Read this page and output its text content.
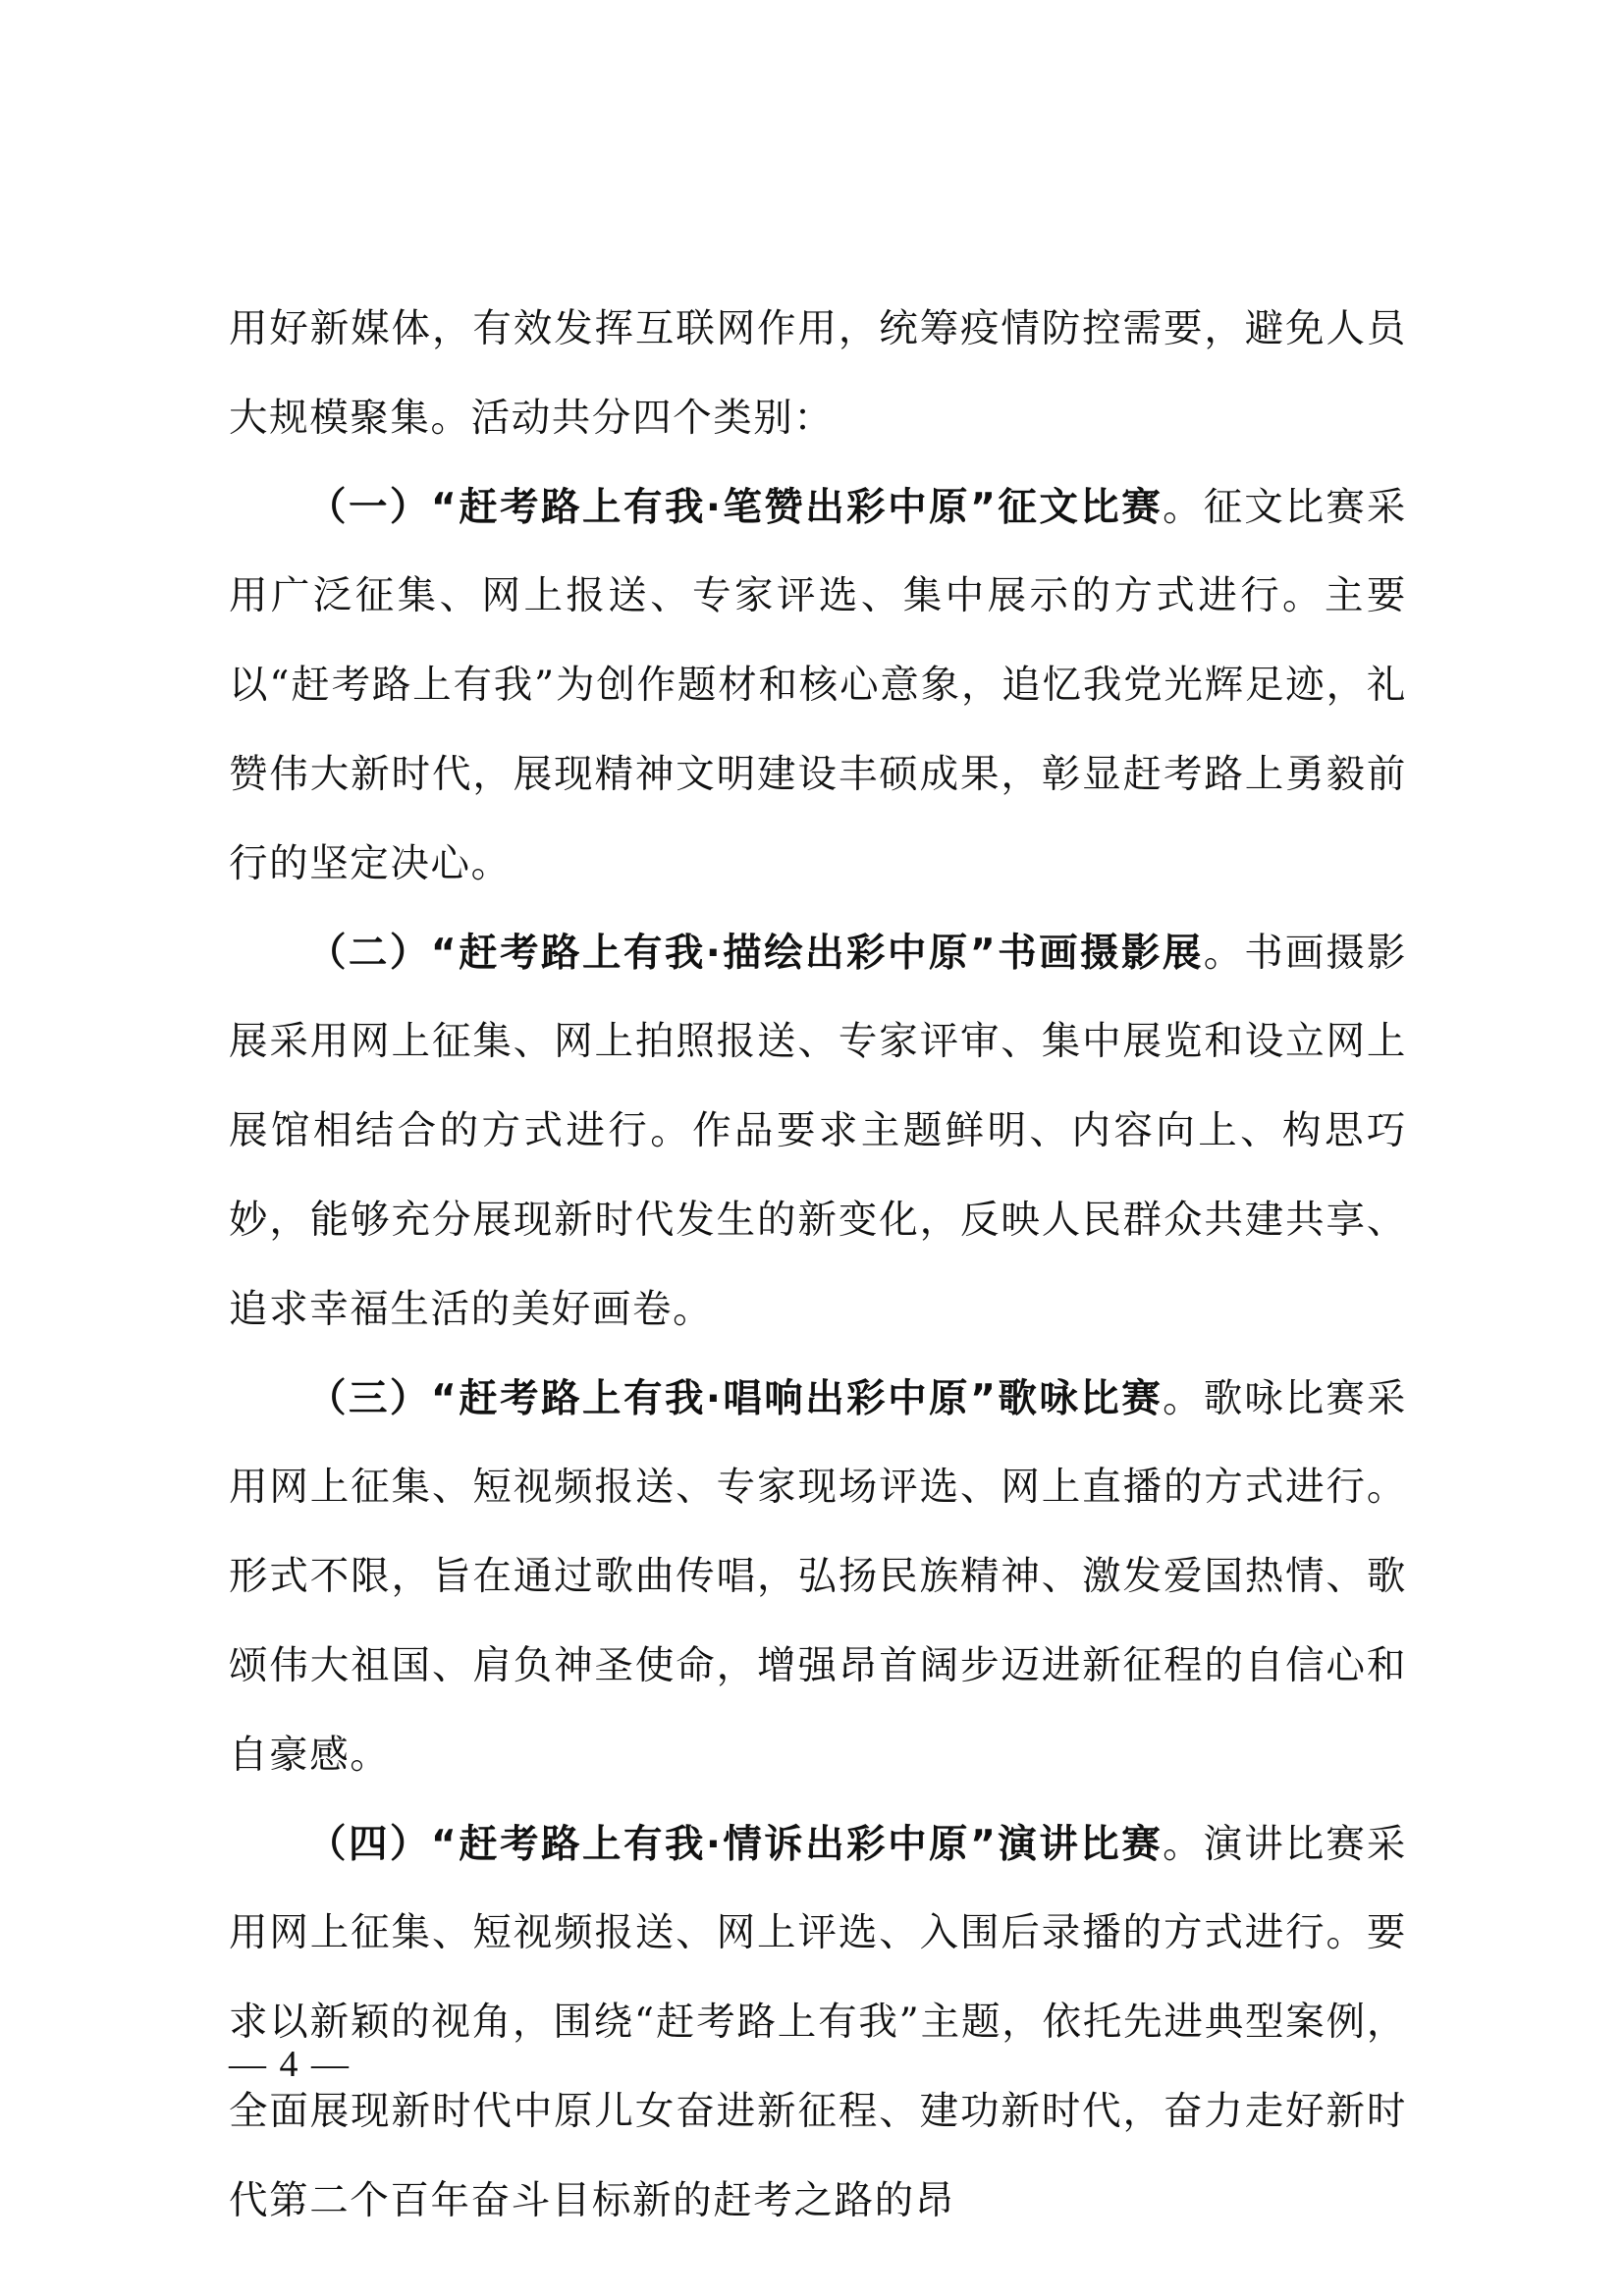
用好新媒体，有效发挥互联网作用，统筹疫情防控需要，避免人员大规模聚集。活动共分四个类别：

（一）“赶考路上有我·笔赞出彩中原”征文比赛。征文比赛采用广泛征集、网上报送、专家评选、集中展示的方式进行。主要以“赶考路上有我”为创作题材和核心意象，追忆我党光辉足迹，礼赞伟大新时代，展现精神文明建设丰硕成果，彰显赶考路上勇毅前行的坚定决心。

（二）“赶考路上有我·描绘出彩中原”书画摄影展。书画摄影展采用网上征集、网上拍照报送、专家评审、集中展览和设立网上展馆相结合的方式进行。作品要求主题鲜明、内容向上、构思巧妙，能够充分展现新时代发生的新变化，反映人民群众共建共享、追求幸福生活的美好画卷。

（三）“赶考路上有我·唱响出彩中原”歌咏比赛。歌咏比赛采用网上征集、短视频报送、专家现场评选、网上直播的方式进行。形式不限，旨在通过歌曲传唱，弘扬民族精神、激发爱国热情、歌颂伟大祖国、肩负神圣使命，增强昂首阔步迈进新征程的自信心和自豪感。

（四）“赶考路上有我·情诉出彩中原”演讲比赛。演讲比赛采用网上征集、短视频报送、网上评选、入围后录播的方式进行。要求以新颖的视角，围绕“赶考路上有我”主题，依托先进典型案例，全面展现新时代中原儿女奋进新征程、建功新时代，奋力走好新时代第二个百年奋斗目标新的赶考之路的昂

— 4 —
